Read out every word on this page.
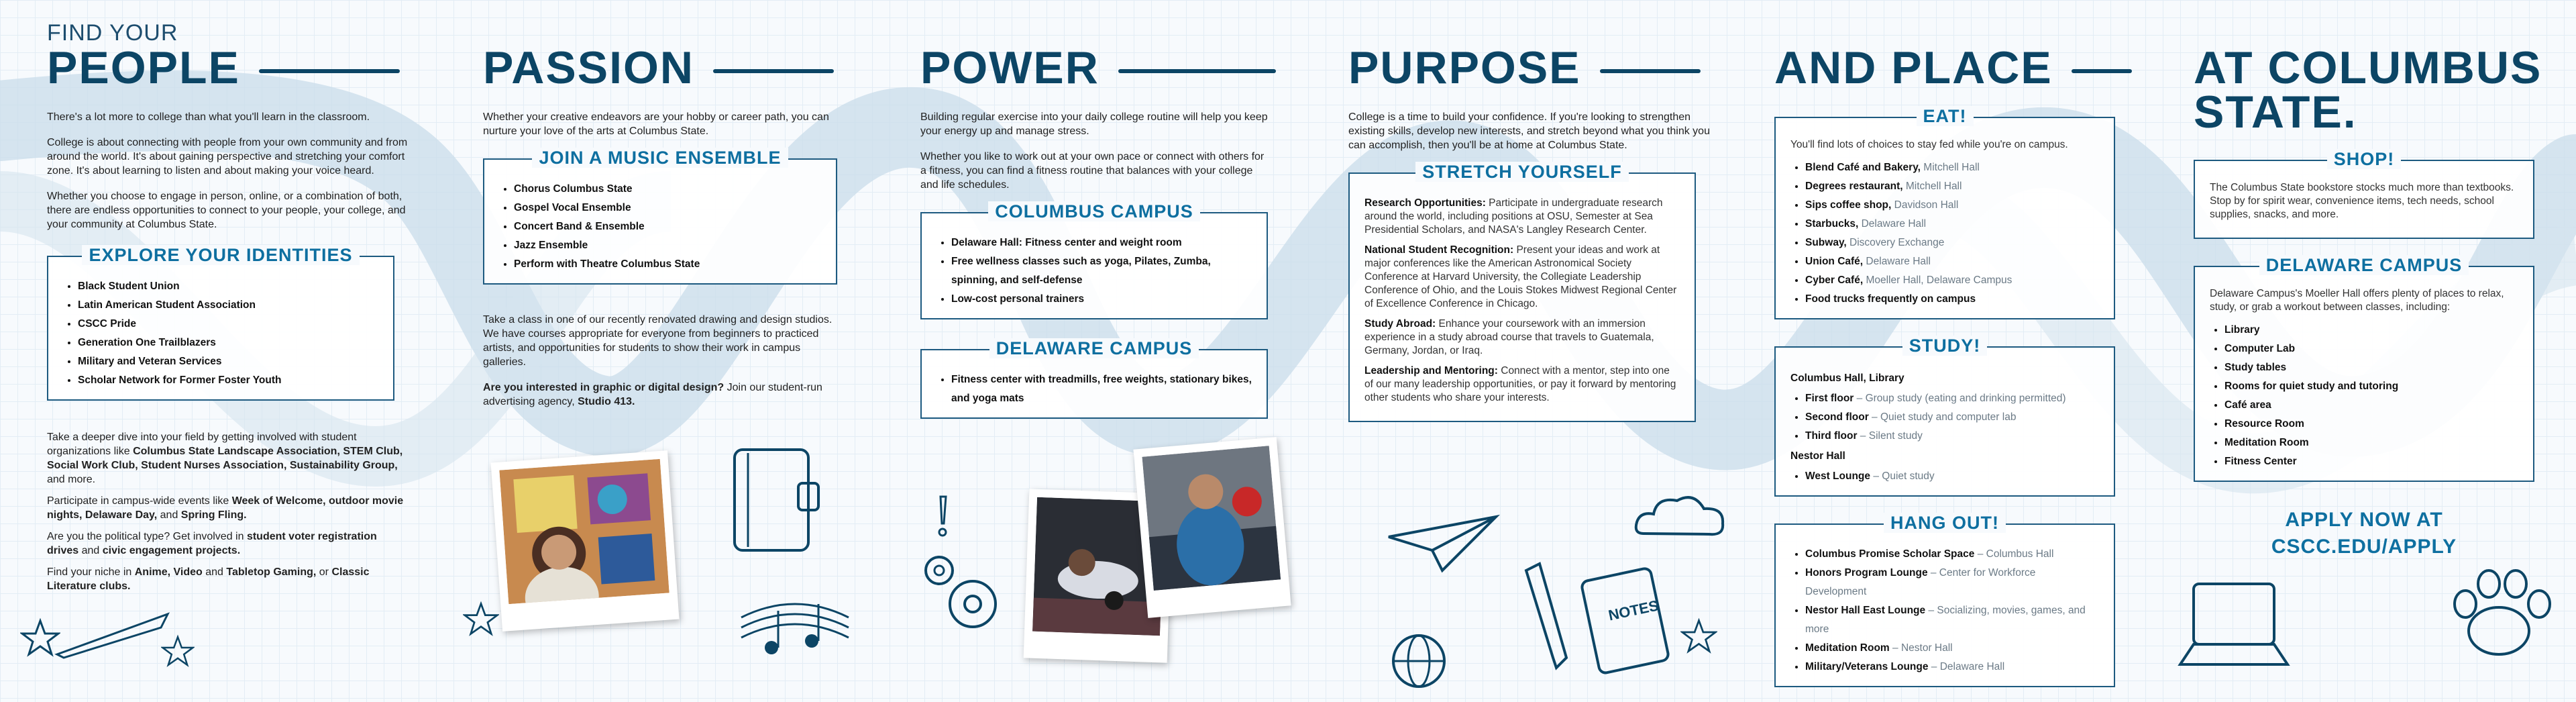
FIND YOUR

PEOPLE

There's a lot more to college than what you'll learn in the classroom.

College is about connecting with people from your own community and from around the world. It's about gaining perspective and stretching your comfort zone. It's about learning to listen and about making your voice heard.

Whether you choose to engage in person, online, or a combination of both, there are endless opportunities to connect to your people, your college, and your community at Columbus State.

EXPLORE YOUR IDENTITIES
• Black Student Union
• Latin American Student Association
• CSCC Pride
• Generation One Trailblazers
• Military and Veteran Services
• Scholar Network for Former Foster Youth

Take a deeper dive into your field by getting involved with student organizations like Columbus State Landscape Association, STEM Club, Social Work Club, Student Nurses Association, Sustainability Group, and more.

Participate in campus-wide events like Week of Welcome, outdoor movie nights, Delaware Day, and Spring Fling.

Are you the political type? Get involved in student voter registration drives and civic engagement projects.

Find your niche in Anime, Video and Tabletop Gaming, or Classic Literature clubs.

PASSION

Whether your creative endeavors are your hobby or career path, you can nurture your love of the arts at Columbus State.

JOIN A MUSIC ENSEMBLE
• Chorus Columbus State
• Gospel Vocal Ensemble
• Concert Band & Ensemble
• Jazz Ensemble
• Perform with Theatre Columbus State

Take a class in one of our recently renovated drawing and design studios. We have courses appropriate for everyone from beginners to practiced artists, and opportunities for students to show their work in campus galleries.

Are you interested in graphic or digital design? Join our student-run advertising agency, Studio 413.

POWER

Building regular exercise into your daily college routine will help you keep your energy up and manage stress.

Whether you like to work out at your own pace or connect with others for a fitness, you can find a fitness routine that balances with your college and life schedules.

COLUMBUS CAMPUS
• Delaware Hall: Fitness center and weight room
• Free wellness classes such as yoga, Pilates, Zumba, spinning, and self-defense
• Low-cost personal trainers
DELAWARE CAMPUS
• Fitness center with treadmills, free weights, stationary bikes, and yoga mats
PURPOSE

College is a time to build your confidence. If you're looking to strengthen existing skills, develop new interests, and stretch beyond what you think you can accomplish, then you'll be at home at Columbus State.

STRETCH YOURSELF

Research Opportunities: Participate in undergraduate research around the world, including positions at OSU, Semester at Sea Presidential Scholars, and NASA's Langley Research Center.

National Student Recognition: Present your ideas and work at major conferences like the American Astronomical Society Conference at Harvard University, the Collegiate Leadership Conference of Ohio, and the Louis Stokes Midwest Regional Center of Excellence Conference in Chicago.

Study Abroad: Enhance your coursework with an immersion experience in a study abroad course that travels to Guatemala, Germany, Jordan, or Iraq.

Leadership and Mentoring: Connect with a mentor, step into one of our many leadership opportunities, or pay it forward by mentoring other students who share your interests.

AND PLACE
EAT!

You'll find lots of choices to stay fed while you're on campus.

• Blend Café and Bakery, Mitchell Hall
• Degrees restaurant, Mitchell Hall
• Sips coffee shop, Davidson Hall
• Starbucks, Delaware Hall
• Subway, Discovery Exchange
• Union Café, Delaware Hall
• Cyber Café, Moeller Hall, Delaware Campus
• Food trucks frequently on campus
STUDY!
Columbus Hall, Library
• First floor – Group study (eating and drinking permitted)
• Second floor – Quiet study and computer lab
• Third floor – Silent study
Nestor Hall
• West Lounge – Quiet study
HANG OUT!
• Columbus Promise Scholar Space – Columbus Hall
• Honors Program Lounge – Center for Workforce Development
• Nestor Hall East Lounge – Socializing, movies, games, and more
• Meditation Room – Nestor Hall
• Military/Veterans Lounge – Delaware Hall
AT COLUMBUS
STATE.
SHOP!

The Columbus State bookstore stocks much more than textbooks. Stop by for spirit wear, convenience items, tech needs, school supplies, snacks, and more.

DELAWARE CAMPUS

Delaware Campus's Moeller Hall offers plenty of places to relax, study, or grab a workout between classes, including:

• Library
• Computer Lab
• Study tables
• Rooms for quiet study and tutoring
• Café area
• Resource Room
• Meditation Room
• Fitness Center
APPLY NOW AT
CSCC.EDU/APPLY
NOTES
